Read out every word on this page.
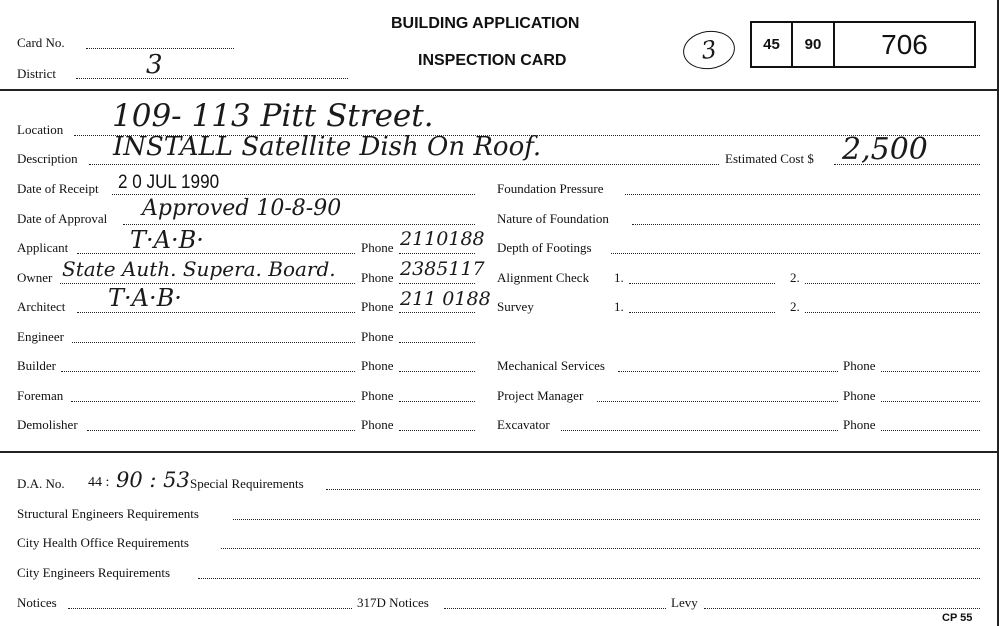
Card No.
District	3
BUILDING APPLICATION
INSPECTION CARD	3	45	90	706
Location 109- 113 Pitt Street.
Description INSTALL Satellite Dish On Roof.	Estimated Cost $ 2,500
Date of Receipt 2 0 JUL 1990
Date of Approval Approved 10-8-90
Applicant	T·A·B·	Phone 2110188
Owner State Auth. Supera. Board. Phone 2385117
Architect T·A·B·	Phone 211 0188
Engineer	Phone
Builder	Phone
Foreman	Phone
Demolisher	Phone
Foundation Pressure
Nature of Foundation
Depth of Footings
Alignment Check 1.	2.
Survey	1.	2.
Mechanical Services	Phone
Project Manager	Phone
Excavator	Phone
D.A. No. 44 : 90 : 53 Special Requirements
Structural Engineers Requirements
City Health Office Requirements
City Engineers Requirements
Notices	317D Notices	Levy
CP 55
